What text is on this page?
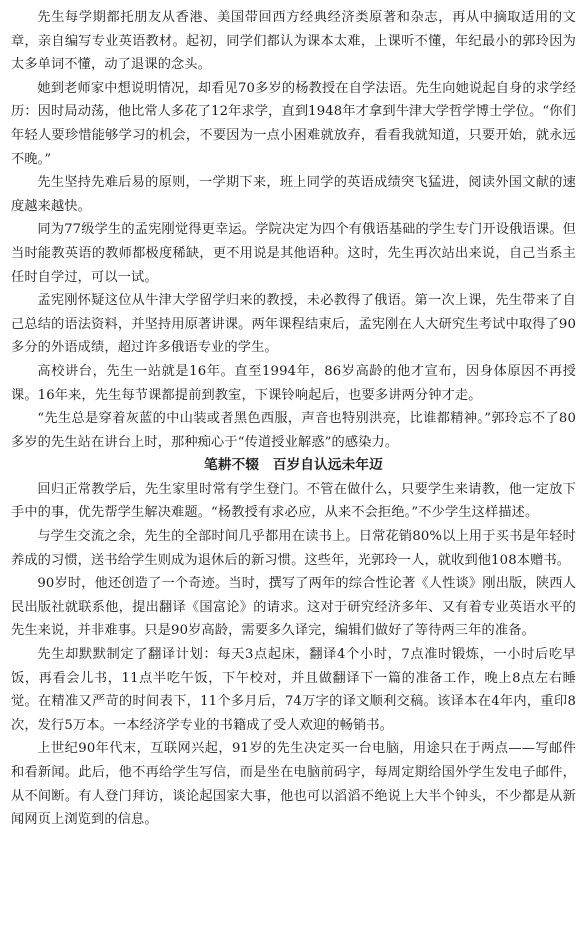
先生每学期都托朋友从香港、美国带回西方经典经济类原著和杂志，再从中摘取适用的文章，亲自编写专业英语教材。起初，同学们都认为课本太难，上课听不懂，年纪最小的郭玲因为太多单词不懂，动了退课的念头。

她到老师家中想说明情况，却看见70多岁的杨教授在自学法语。先生向她说起自身的求学经历：因时局动荡，他比常人多花了12年求学，直到1948年才拿到牛津大学哲学博士学位。“你们年轻人要珍惜能够学习的机会，不要因为一点小困难就放弃，看看我就知道，只要开始，就永远不晚。”

先生坚持先难后易的原则，一学期下来，班上同学的英语成绩突飞猛进，阅读外国文献的速度越来越快。

同为77级学生的孟宪刚觉得更幸运。学院决定为四个有俄语基础的学生专门开设俄语课。但当时能教英语的教师都极度稀缺，更不用说是其他语种。这时，先生再次站出来说，自己当系主任时自学过，可以一试。

孟宪刚怀疑这位从牛津大学留学归来的教授，未必教得了俄语。第一次上课，先生带来了自己总结的语法资料，并坚持用原著讲课。两年课程结束后，孟宪刚在人大研究生考试中取得了90多分的外语成绩，超过许多俄语专业的学生。

高校讲台，先生一站就是16年。直至1994年，86岁高龄的他才宣布，因身体原因不再授课。16年来，先生每节课都提前到教室，下课铃响起后，也要多讲两分钟才走。

“先生总是穿着灰蓝的中山装或者黑色西服，声音也特别洪亮，比谁都精神。”郭玲忘不了80多岁的先生站在讲台上时，那种痴心于“传道授业解惑”的感染力。

笔耕不辍　百岁自认远未年迈

回归正常教学后，先生家里时常有学生登门。不管在做什么，只要学生来请教，他一定放下手中的事，优先帮学生解决难题。“杨教授有求必应，从来不会拒绝。”不少学生这样描述。

与学生交流之余，先生的全部时间几乎都用在读书上。日常花销80%以上用于买书是年轻时养成的习惯，送书给学生则成为退休后的新习惯。这些年，光郭玲一人，就收到他108本赠书。

90岁时，他还创造了一个奇迹。当时，撰写了两年的综合性论著《人性谈》刚出版，陕西人民出版社就联系他，提出翻译《国富论》的请求。这对于研究经济多年、又有着专业英语水平的先生来说，并非难事。只是90岁高龄，需要多久译完，编辑们做好了等待两三年的准备。

先生却默默制定了翻译计划：每天3点起床，翻译4个小时，7点准时锻炼，一小时后吃早饭，再看会儿书，11点半吃午饭，下午校对，并且做翻译下一篇的准备工作，晚上8点左右睡觉。在精准又严苛的时间表下，11个多月后，74万字的译文顺利交稿。该译本在4年内，重印8次，发行5万本。一本经济学专业的书籍成了受人欢迎的畅销书。

上世纪90年代末，互联网兴起，91岁的先生决定买一台电脑，用途只在于两点——写邮件和看新闻。此后，他不再给学生写信，而是坐在电脑前码字，每周定期给国外学生发电子邮件，从不间断。有人登门拜访，谈论起国家大事，他也可以滔滔不绝说上大半个钟头，不少都是从新闻网页上浏览到的信息。
